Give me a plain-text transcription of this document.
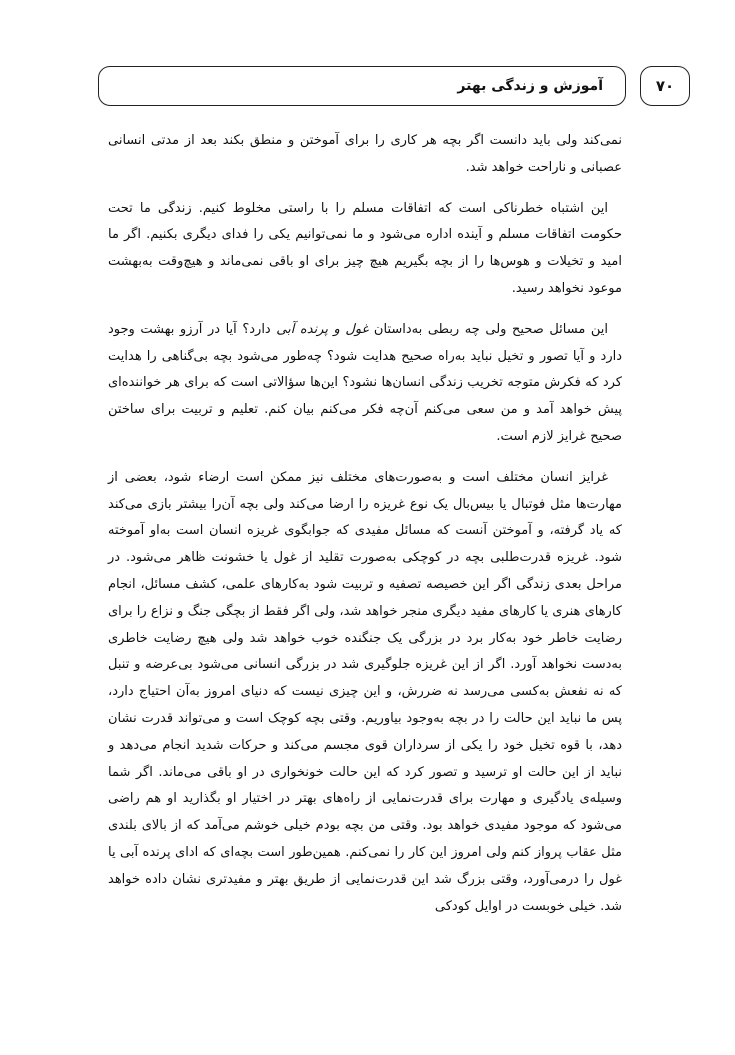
آموزش و زندگی بهتر	۷۰

نمی‌کند ولی باید دانست اگر بچه هر کاری را برای آموختن و منطق بکند بعد از مدتی انسانی عصبانی و ناراحت خواهد شد.

این اشتباه خطرناکی است که اتفاقات مسلم را با راستی مخلوط کنیم. زندگی ما تحت حکومت اتفاقات مسلم و آینده اداره می‌شود و ما نمی‌توانیم یکی را فدای دیگری بکنیم. اگر ما امید و تخیلات و هوس‌ها را از بچه بگیریم هیچ چیز برای او باقی نمی‌ماند و هیچ‌وقت به‌بهشت موعود نخواهد رسید.

این مسائل صحیح ولی چه ربطی به‌داستان غول و پرنده آبی دارد؟ آیا در آرزو بهشت وجود دارد و آیا تصور و تخیل نباید به‌راه صحیح هدایت شود؟ چه‌طور می‌شود بچه بی‌گناهی را هدایت کرد که فکرش متوجه تخریب زندگی انسان‌ها نشود؟ این‌ها سؤالاتی است که برای هر خواننده‌ای پیش خواهد آمد و من سعی می‌کنم آن‌چه فکر می‌کنم بیان کنم. تعلیم و تربیت برای ساختن صحیح غرایز لازم است.

غرایز انسان مختلف است و به‌صورت‌های مختلف نیز ممکن است ارضاء شود، بعضی از مهارت‌ها مثل فوتبال یا بیس‌بال یک نوع غریزه را ارضا می‌کند ولی بچه آن‌را بیشتر بازی می‌کند که یاد گرفته، و آموختن آنست که مسائل مفیدی که جوابگوی غریزه انسان است به‌او آموخته شود. غریزه قدرت‌طلبی بچه در کوچکی به‌صورت تقلید از غول یا خشونت ظاهر می‌شود. در مراحل بعدی زندگی اگر این خصیصه تصفیه و تربیت شود به‌کارهای علمی، کشف مسائل، انجام کارهای هنری یا کارهای مفید دیگری منجر خواهد شد، ولی اگر فقط از بچگی جنگ و نزاع را برای رضایت خاطر خود به‌کار برد در بزرگی یک جنگنده خوب خواهد شد ولی هیچ رضایت خاطری به‌دست نخواهد آورد. اگر از این غریزه جلوگیری شد در بزرگی انسانی می‌شود بی‌عرضه و تنبل که نه نفعش به‌کسی می‌رسد نه ضررش، و این چیزی نیست که دنیای امروز به‌آن احتیاج دارد، پس ما نباید این حالت را در بچه به‌وجود بیاوریم. وقتی بچه کوچک است و می‌تواند قدرت نشان دهد، با قوه تخیل خود را یکی از سرداران قوی مجسم می‌کند و حرکات شدید انجام می‌دهد و نباید از این حالت او ترسید و تصور کرد که این حالت خونخواری در او باقی می‌ماند. اگر شما وسیله‌ی یادگیری و مهارت برای قدرت‌نمایی از راه‌های بهتر در اختیار او بگذارید او هم راضی می‌شود که موجود مفیدی خواهد بود. وقتی من بچه بودم خیلی خوشم می‌آمد که از بالای بلندی مثل عقاب پرواز کنم ولی امروز این کار را نمی‌کنم. همین‌طور است بچه‌ای که ادای پرنده آبی یا غول را درمی‌آورد، وقتی بزرگ شد این قدرت‌نمایی از طریق بهتر و مفیدتری نشان داده خواهد شد. خیلی خوبست در اوایل کودکی
